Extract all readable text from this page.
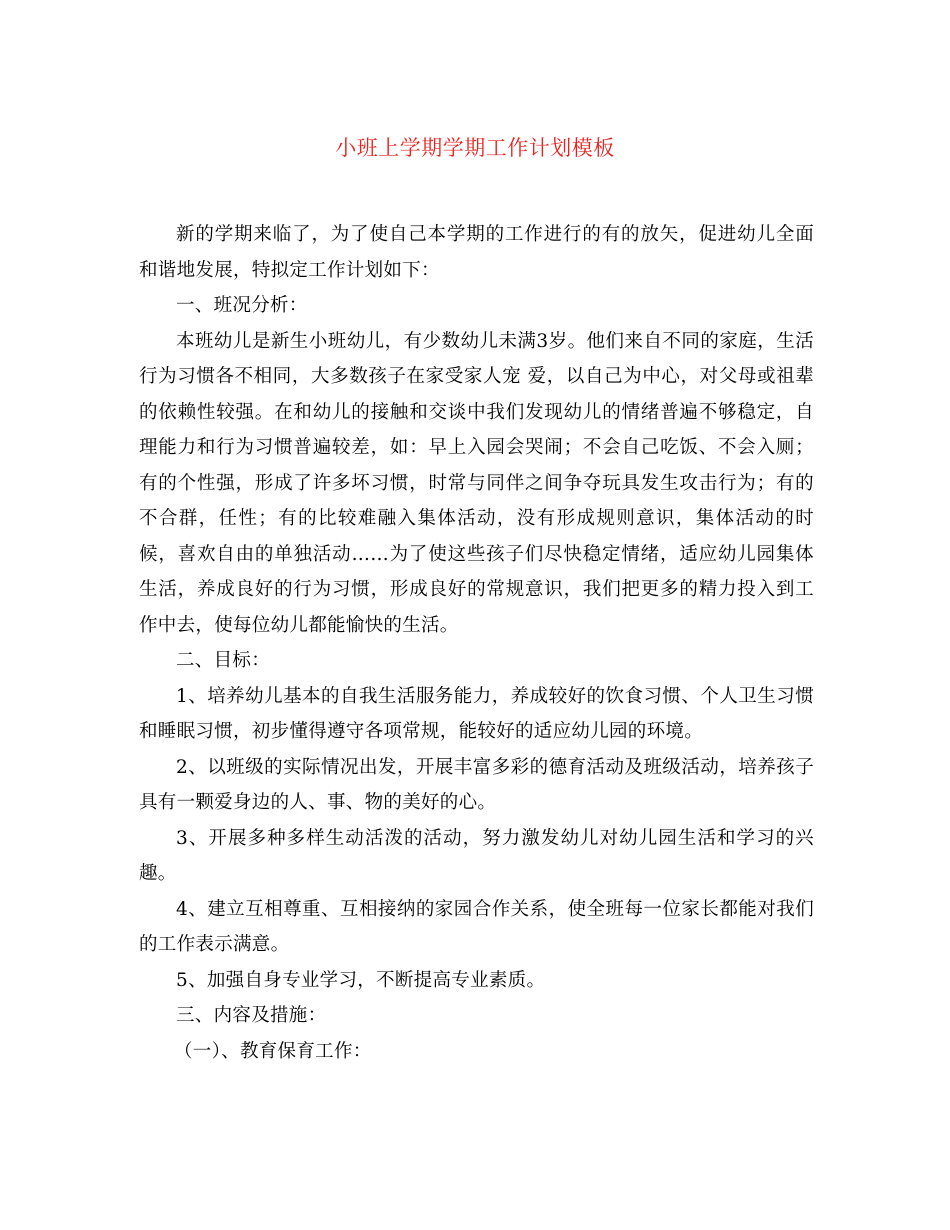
小班上学期学期工作计划模板

新的学期来临了，为了使自己本学期的工作进行的有的放矢，促进幼儿全面和谐地发展，特拟定工作计划如下：

一、班况分析：

本班幼儿是新生小班幼儿，有少数幼儿未满3岁。他们来自不同的家庭，生活行为习惯各不相同，大多数孩子在家受家人宠 爱，以自己为中心，对父母或祖辈的依赖性较强。在和幼儿的接触和交谈中我们发现幼儿的情绪普遍不够稳定，自理能力和行为习惯普遍较差，如：早上入园会哭闹；不会自己吃饭、不会入厕；有的个性强，形成了许多坏习惯，时常与同伴之间争夺玩具发生攻击行为；有的不合群，任性；有的比较难融入集体活动，没有形成规则意识，集体活动的时候，喜欢自由的单独活动……为了使这些孩子们尽快稳定情绪，适应幼儿园集体生活，养成良好的行为习惯，形成良好的常规意识，我们把更多的精力投入到工作中去，使每位幼儿都能愉快的生活。

二、目标：

1、培养幼儿基本的自我生活服务能力，养成较好的饮食习惯、个人卫生习惯和睡眠习惯，初步懂得遵守各项常规，能较好的适应幼儿园的环境。

2、以班级的实际情况出发，开展丰富多彩的德育活动及班级活动，培养孩子具有一颗爱身边的人、事、物的美好的心。

3、开展多种多样生动活泼的活动，努力激发幼儿对幼儿园生活和学习的兴趣。

4、建立互相尊重、互相接纳的家园合作关系，使全班每一位家长都能对我们的工作表示满意。

5、加强自身专业学习，不断提高专业素质。

三、内容及措施：

（一）、教育保育工作：
